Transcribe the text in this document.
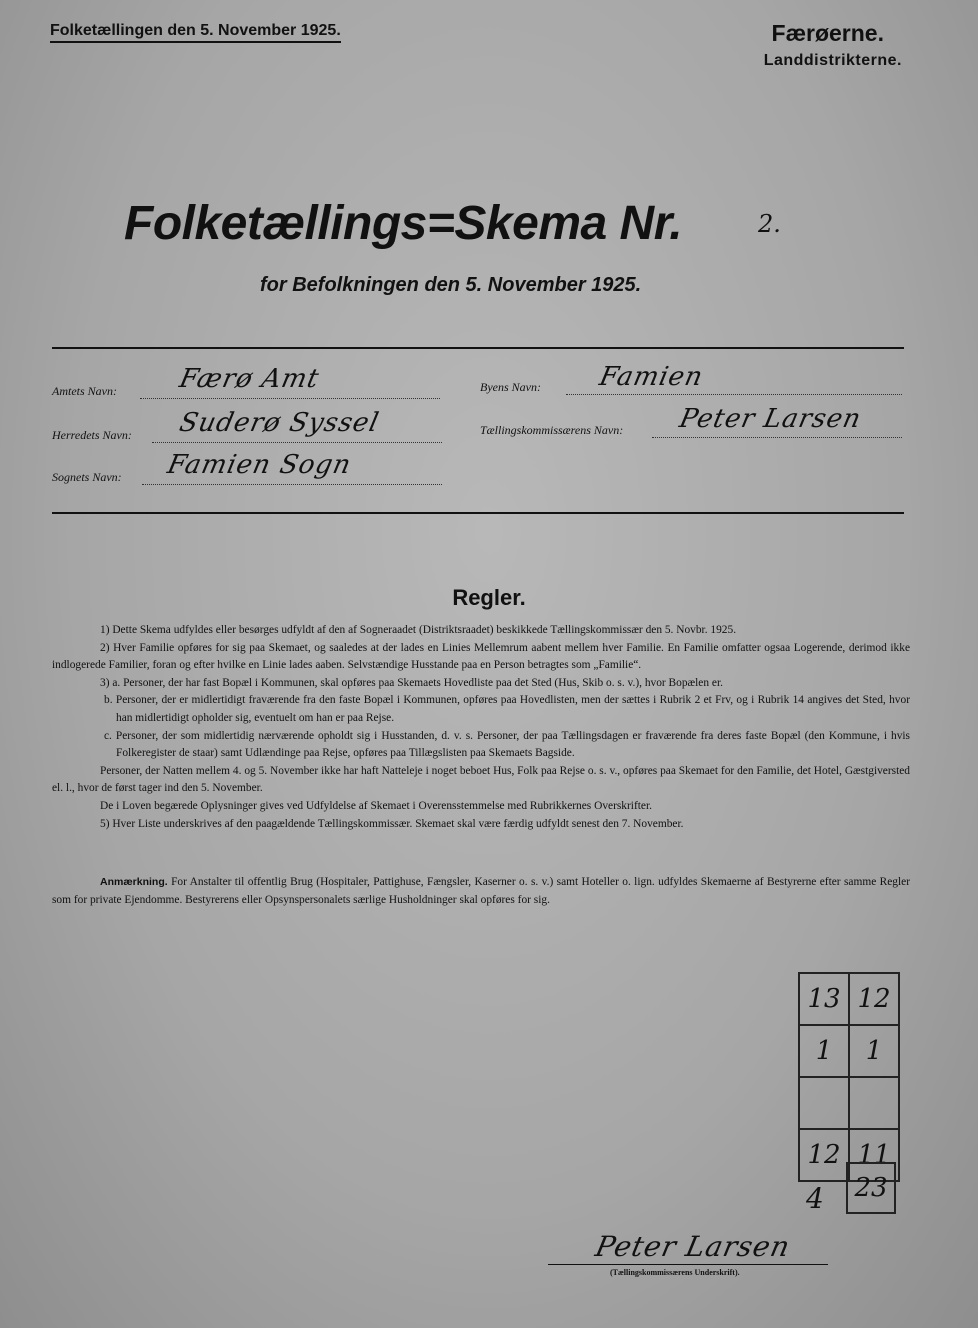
Folketællingen den 5. November 1925.	Færøerne.
Landdistrikterne.
Folketællings=Skema Nr.	2.
for Befolkningen den 5. November 1925.
Amtets Navn: Færø Amt
Herredets Navn: Suderø Syssel
Sognets Navn: Famien Sogn
Byens Navn: Famien
Tællingskommissærens Navn: Peter Larsen
Regler.

1) Dette Skema udfyldes eller besørges udfyldt af den af Sogneraadet (Distriktsraadet) beskikkede Tællingskommissær den 5. Novbr. 1925.

2) Hver Familie opføres for sig paa Skemaet, og saaledes at der lades en Linies Mellemrum aabent mellem hver Familie. En Familie omfatter ogsaa Logerende, derimod ikke indlogerede Familier, foran og efter hvilke en Linie lades aaben. Selvstændige Husstande paa en Person betragtes som „Familie“.

3) a. Personer, der har fast Bopæl i Kommunen, skal opføres paa Skemaets Hovedliste paa det Sted (Hus, Skib o. s. v.), hvor Bopælen er.

b. Personer, der er midlertidigt fraværende fra den faste Bopæl i Kommunen, opføres paa Hovedlisten, men der sættes i Rubrik 2 et Frv, og i Rubrik 14 angives det Sted, hvor han midlertidigt opholder sig, eventuelt om han er paa Rejse.

c. Personer, der som midlertidig nærværende opholdt sig i Husstanden, d. v. s. Personer, der paa Tællingsdagen er fraværende fra deres faste Bopæl (den Kommune, i hvis Folkeregister de staar) samt Udlændinge paa Rejse, opføres paa Tillægslisten paa Skemaets Bagside.

Personer, der Natten mellem 4. og 5. November ikke har haft Natteleje i noget beboet Hus, Folk paa Rejse o. s. v., opføres paa Skemaet for den Familie, det Hotel, Gæstgiversted el. l., hvor de først tager ind den 5. November.

De i Loven begærede Oplysninger gives ved Udfyldelse af Skemaet i Overensstemmelse med Rubrikkernes Overskrifter.

5) Hver Liste underskrives af den paagældende Tællingskommissær. Skemaet skal være færdig udfyldt senest den 7. November.

Anmærkning. For Anstalter til offentlig Brug (Hospitaler, Pattighuse, Fængsler, Kaserner o. s. v.) samt Hoteller o. lign. udfyldes Skemaerne af Bestyrerne efter samme Regler som for private Ejendomme. Bestyrerens eller Opsynspersonalets særlige Husholdninger skal opføres for sig.
13	12
1	1

12	11
4	23
Peter Larsen
(Tællingskommissærens Underskrift).
